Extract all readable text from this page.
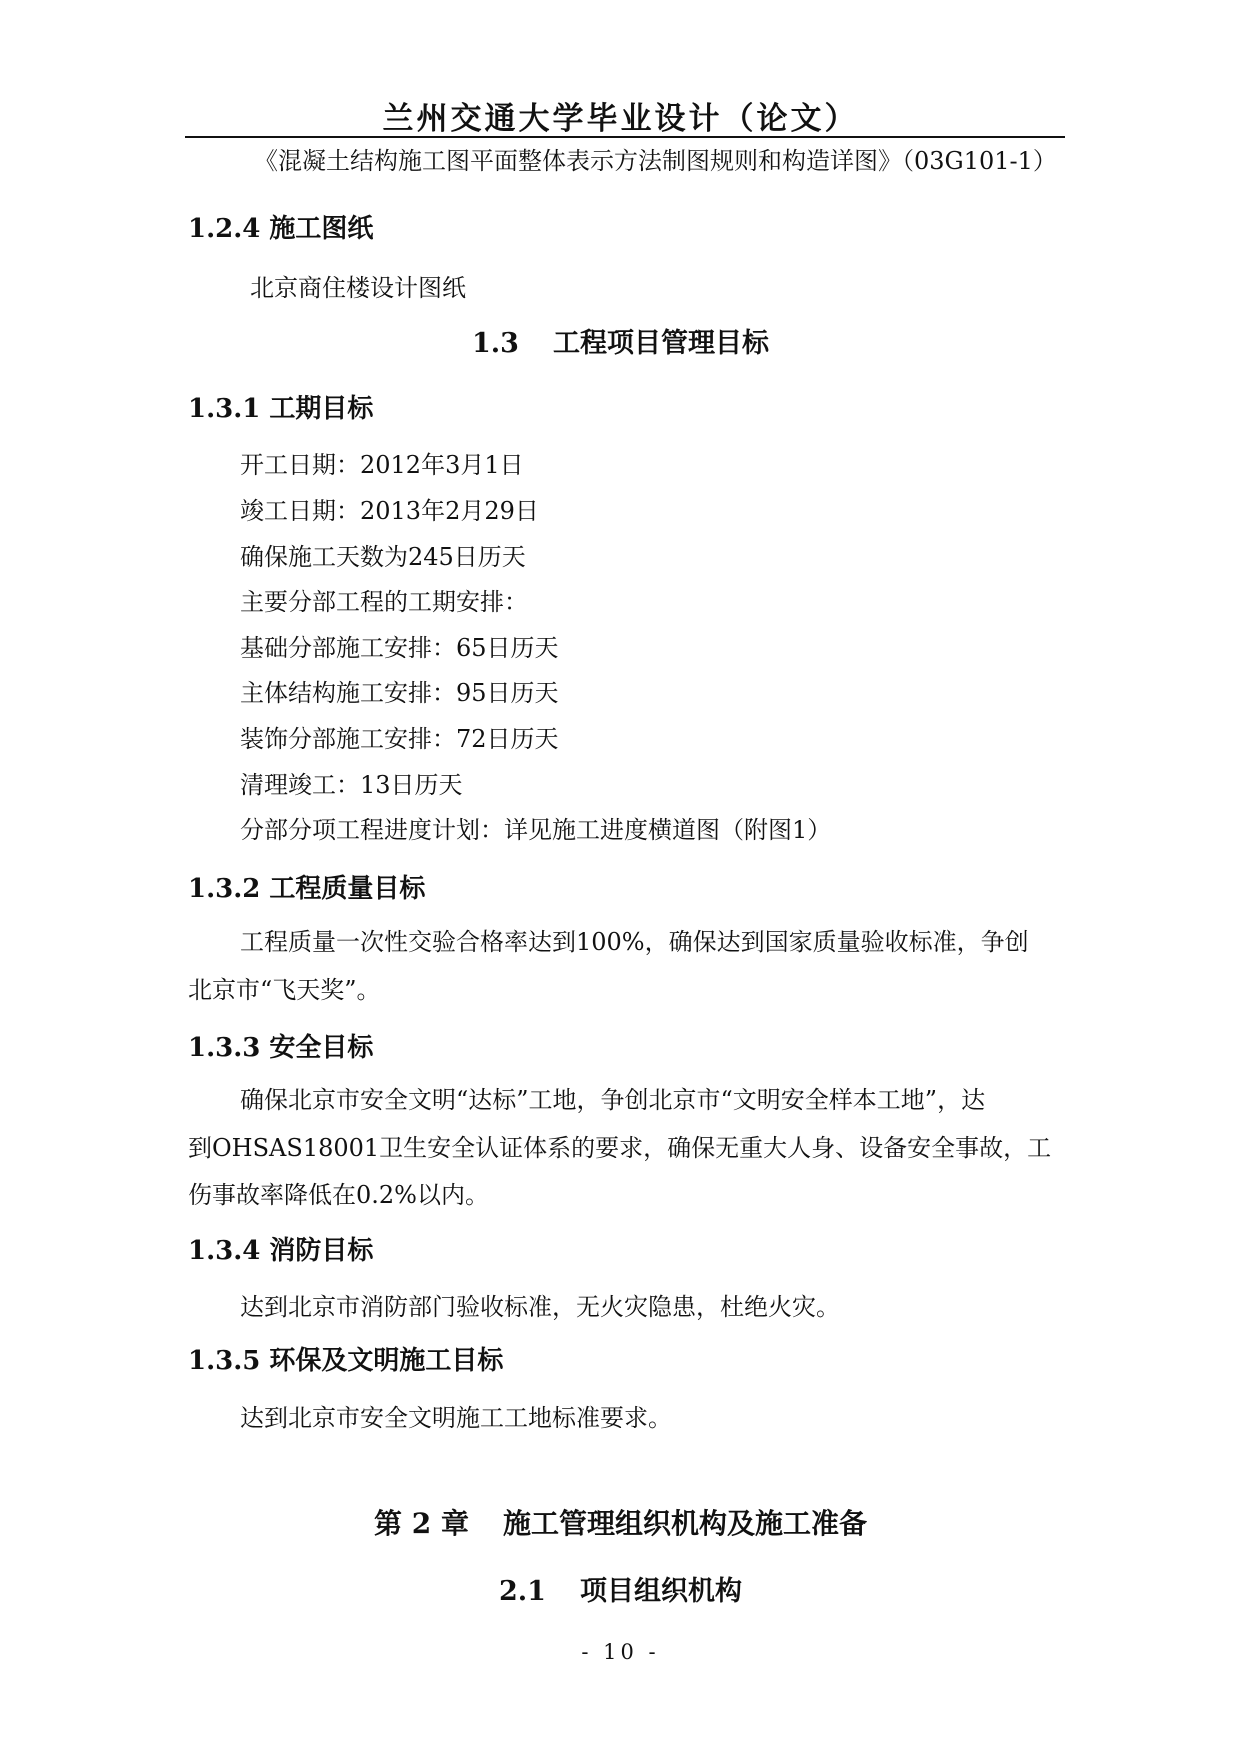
兰州交通大学毕业设计（论文）
《混凝土结构施工图平面整体表示方法制图规则和构造详图》（03G101-1）
1.2.4 施工图纸
北京商住楼设计图纸
1.3 工程项目管理目标
1.3.1 工期目标
开工日期：2012年3月1日
竣工日期：2013年2月29日
确保施工天数为245日历天
主要分部工程的工期安排：
基础分部施工安排：65日历天
主体结构施工安排：95日历天
装饰分部施工安排：72日历天
清理竣工：13日历天
分部分项工程进度计划：详见施工进度横道图（附图1）
1.3.2 工程质量目标
工程质量一次性交验合格率达到100%，确保达到国家质量验收标准，争创
北京市“飞天奖”。
1.3.3 安全目标
确保北京市安全文明“达标”工地，争创北京市“文明安全样本工地”，达
到OHSAS18001卫生安全认证体系的要求，确保无重大人身、设备安全事故，工
伤事故率降低在0.2%以内。
1.3.4 消防目标
达到北京市消防部门验收标准，无火灾隐患，杜绝火灾。
1.3.5 环保及文明施工目标
达到北京市安全文明施工工地标准要求。
第 2 章 施工管理组织机构及施工准备
2.1 项目组织机构
- 10 -
